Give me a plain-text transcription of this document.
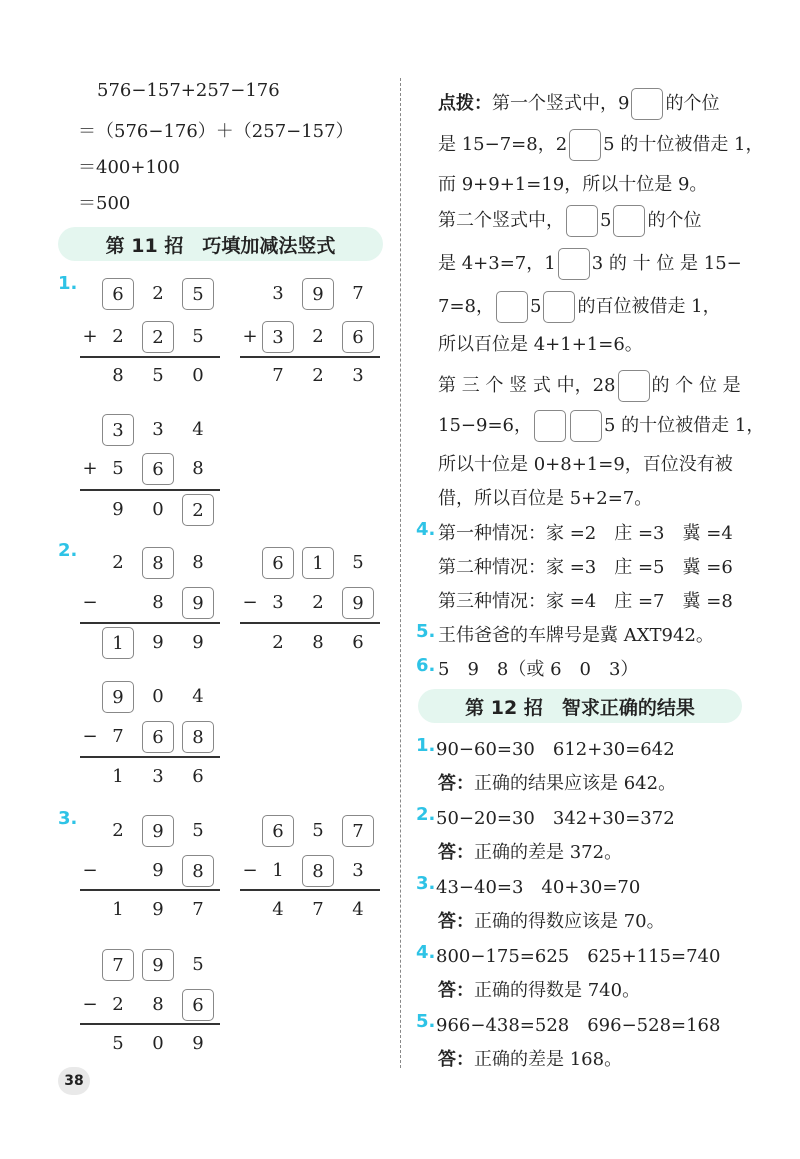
576−157+257−176
＝（576−176）＋（257−157）
＝400+100
＝500
第 11 招　巧填加减法竖式
1.
2.
3.
6	2	5
+ 2	2	5
8	5	0
3	9	7
+ 3	2	6
7	2	3
3	3	4
+ 5	6	8
9	0	2
2	8	8
−	8	9
1	9	9
6	1	5
− 3	2	9
2	8	6
9	0	4
− 7	6	8
1	3	6
2	9	5
−	9	8
1	9	7
6	5	7
− 1	8	3
4	7	4
7	9	5
− 2	8	6
5	0	9
38
点拨：第一个竖式中，9 的个位
是 15−7=8，2 5 的十位被借走 1，
而 9+9+1=19，所以十位是 9。
第二个竖式中， 5 的个位
是 4+3=7，1 3 的 十 位 是 15−
7=8， 5 的百位被借走 1，
所以百位是 4+1+1=6。
第 三 个 竖 式 中，28 的 个 位 是
15−9=6，	5 的十位被借走 1，
所以十位是 0+8+1=9，百位没有被
借，所以百位是 5+2=7。
4. 第一种情况：家 =2　庄 =3　冀 =4
第二种情况：家 =3　庄 =5　冀 =6
第三种情况：家 =4　庄 =7　冀 =8
5. 王伟爸爸的车牌号是冀 AXT942。
6. 5　9　8（或 6　0　3）
第 12 招　智求正确的结果
1. 90−60=30　612+30=642
答：正确的结果应该是 642。
2. 50−20=30　342+30=372
答：正确的差是 372。
3. 43−40=3　40+30=70
答：正确的得数应该是 70。
4. 800−175=625　625+115=740
答：正确的得数是 740。
5. 966−438=528　696−528=168
答：正确的差是 168。
